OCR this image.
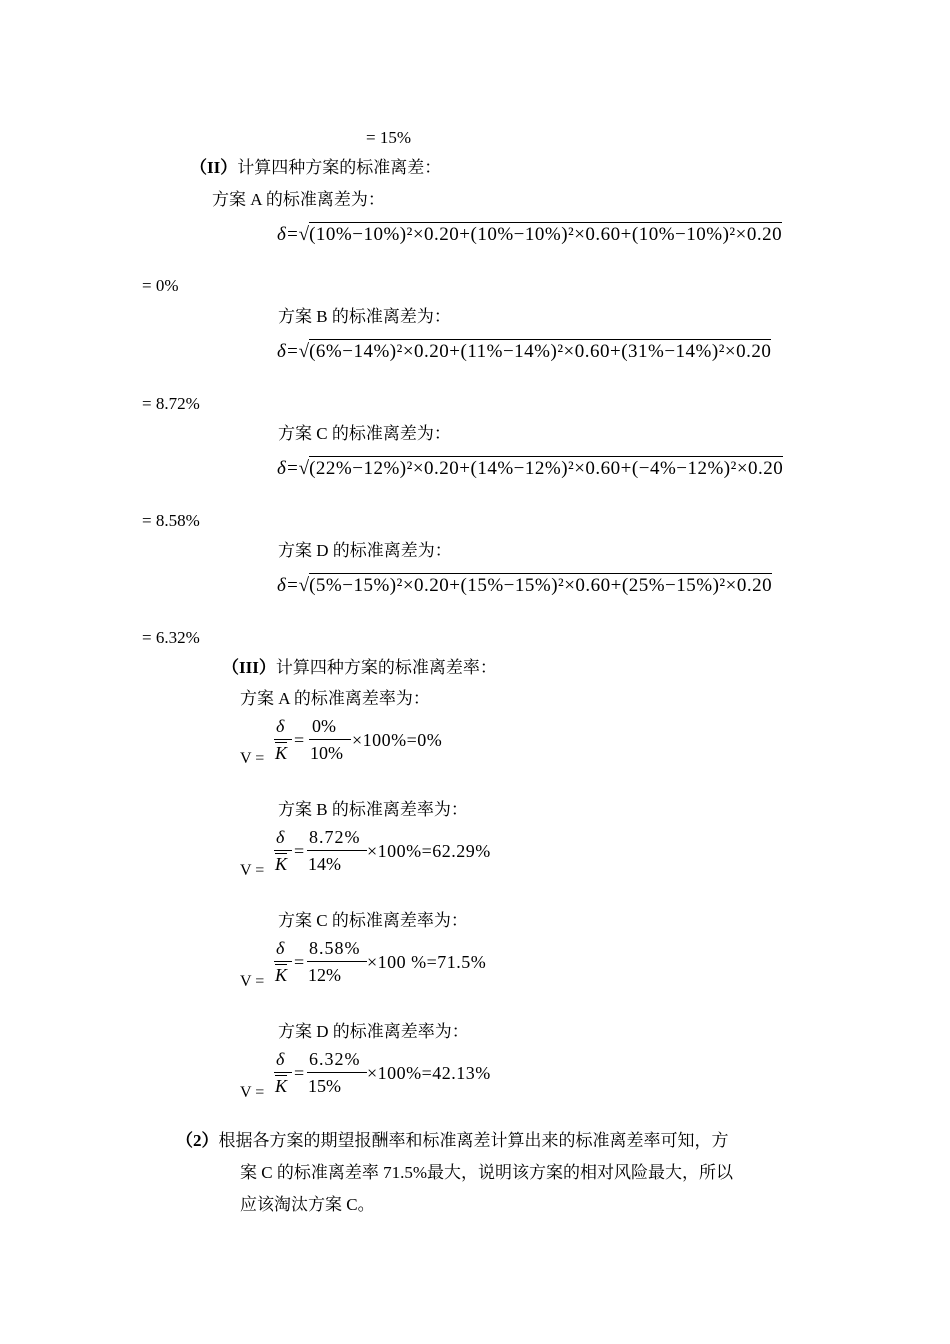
= 15%
（II）计算四种方案的标准离差：
方案 A 的标准离差为：
δ=√(10%−10%)²×0.20+(10%−10%)²×0.60+(10%−10%)²×0.20
= 0%
方案 B 的标准离差为：
δ=√(6%−14%)²×0.20+(11%−14%)²×0.60+(31%−14%)²×0.20
= 8.72%
方案 C 的标准离差为：
δ=√(22%−12%)²×0.20+(14%−12%)²×0.60+(−4%−12%)²×0.20
= 8.58%
方案 D 的标准离差为：
δ=√(5%−15%)²×0.20+(15%−15%)²×0.60+(25%−15%)²×0.20
= 6.32%
（III）计算四种方案的标准离差率：
方案 A 的标准离差率为：
V =
δ
$\overline{K}$
=
0%
10%
×100%=0%
方案 B 的标准离差率为：
V =
δ
$\overline{K}$
=
8.72%
14%
×100%=62.29%
方案 C 的标准离差率为：
V =
δ
$\overline{K}$
=
8.58%
12%
×100 %=71.5%
方案 D 的标准离差率为：
V =
δ
$\overline{K}$
=
6.32%
15%
×100%=42.13%
（2）根据各方案的期望报酬率和标准离差计算出来的标准离差率可知，方
案 C 的标准离差率 71.5%最大，说明该方案的相对风险最大，所以
应该淘汰方案 C。
